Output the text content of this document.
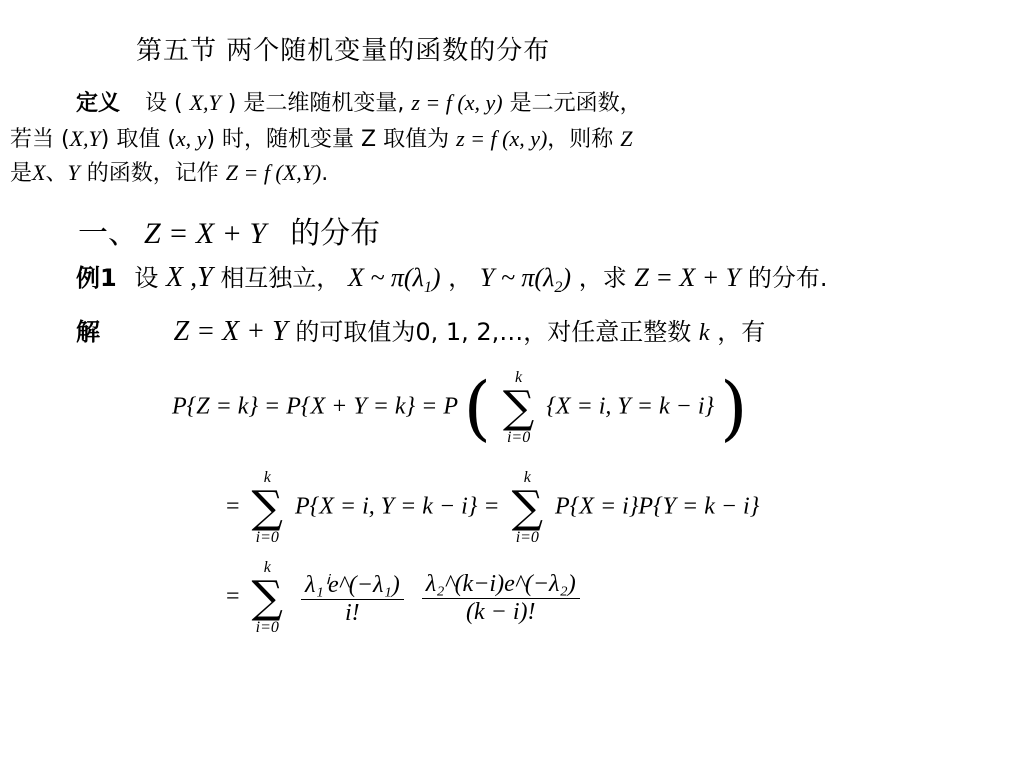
第五节 两个随机变量的函数的分布
定义 设 ( X,Y ) 是二维随机变量, z = f (x, y) 是二元函数，
若当 (X,Y) 取值 (x, y) 时，随机变量 Z 取值为 z = f (x, y)，则称 Z
是X、Y 的函数，记作 Z = f (X,Y).
一、 Z = X + Y 的分布
例1 设 X ,Y 相互独立， X ~ $\pi(\lambda_1)$ ， Y ~ $\pi(\lambda_2)$ ，求 Z = X + Y 的分布.
解	Z = X + Y 的可取值为0, 1, 2,…，对任意正整数 k ，有
P{Z = k} = P{X + Y = k} = P (	k
∑
i=0
{X = i, Y = k − i} )
=
k
∑
i=0
P{X = i, Y = k − i} =
k
∑
i=0
P{X = i}P{Y = k − i}
=
k
∑
i=0

$\frac{\text{λ₁ⁱe\textasciicircum{}(−λ₁)}}{i!}$
$\frac{\text{λ₂\textasciicircum{}(k−i)e\textasciicircum{}(−λ₂)}}{(k - i)!}$
